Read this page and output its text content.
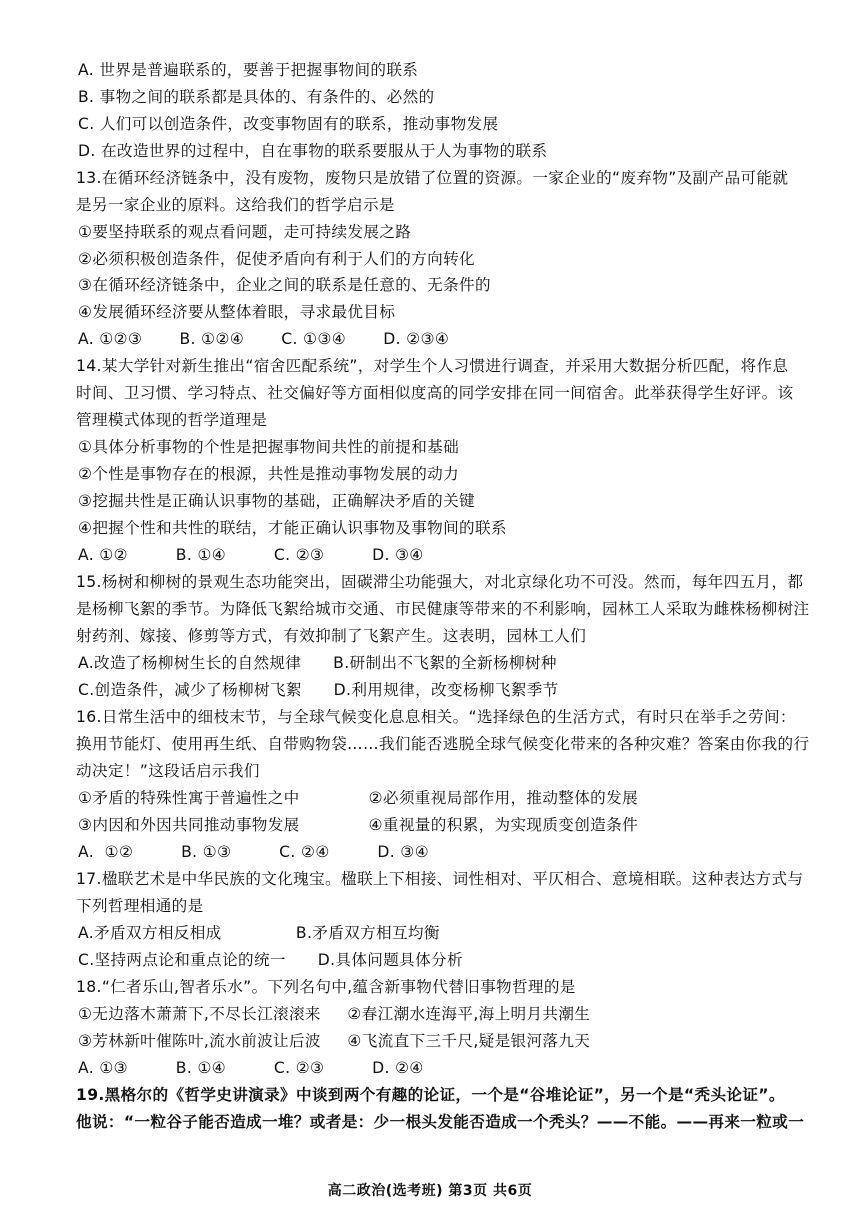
A. 世界是普遍联系的，要善于把握事物间的联系
B. 事物之间的联系都是具体的、有条件的、必然的
C. 人们可以创造条件，改变事物固有的联系，推动事物发展
D. 在改造世界的过程中，自在事物的联系要服从于人为事物的联系
13.在循环经济链条中，没有废物，废物只是放错了位置的资源。一家企业的“废弃物”及副产品可能就
是另一家企业的原料。这给我们的哲学启示是
①要坚持联系的观点看问题，走可持续发展之路
②必须积极创造条件，促使矛盾向有利于人们的方向转化
③在循环经济链条中，企业之间的联系是任意的、无条件的
④发展循环经济要从整体着眼，寻求最优目标
A. ①②③       B. ①②④       C. ①③④       D. ②③④
14.某大学针对新生推出“宿舍匹配系统”，对学生个人习惯进行调查，并采用大数据分析匹配，将作息
时间、卫习惯、学习特点、社交偏好等方面相似度高的同学安排在同一间宿舍。此举获得学生好评。该
管理模式体现的哲学道理是
①具体分析事物的个性是把握事物间共性的前提和基础
②个性是事物存在的根源，共性是推动事物发展的动力
③挖掘共性是正确认识事物的基础，正确解决矛盾的关键
④把握个性和共性的联结，才能正确认识事物及事物间的联系
A. ①②         B. ①④         C. ②③         D. ③④
15.杨树和柳树的景观生态功能突出，固碳滞尘功能强大，对北京绿化功不可没。然而，每年四五月，都
是杨柳飞絮的季节。为降低飞絮给城市交通、市民健康等带来的不利影响，园林工人采取为雌株杨柳树注
射药剂、嫁接、修剪等方式，有效抑制了飞絮产生。这表明，园林工人们
A.改造了杨柳树生长的自然规律      B.研制出不飞絮的全新杨柳树种
C.创造条件，减少了杨柳树飞絮      D.利用规律，改变杨柳飞絮季节
16.日常生活中的细枝末节，与全球气候变化息息相关。“选择绿色的生活方式，有时只在举手之劳间：
换用节能灯、使用再生纸、自带购物袋……我们能否逃脱全球气候变化带来的各种灾难？答案由你我的行
动决定！”这段话启示我们
①矛盾的特殊性寓于普遍性之中             ②必须重视局部作用，推动整体的发展
③内因和外因共同推动事物发展             ④重视量的积累，为实现质变创造条件
A.  ①②         B. ①③         C. ②④         D. ③④
17.楹联艺术是中华民族的文化瑰宝。楹联上下相接、词性相对、平仄相合、意境相联。这种表达方式与
下列哲理相通的是
A.矛盾双方相反相成              B.矛盾双方相互均衡
C.坚持两点论和重点论的统一      D.具体问题具体分析
18.“仁者乐山,智者乐水”。下列名句中,蕴含新事物代替旧事物哲理的是
①无边落木萧萧下,不尽长江滚滚来     ②春江潮水连海平,海上明月共潮生
③芳林新叶催陈叶,流水前波让后波     ④飞流直下三千尺,疑是银河落九天
A. ①③         B. ①④         C. ②③         D. ②④
19.黑格尔的《哲学史讲演录》中谈到两个有趣的论证，一个是“谷堆论证”，另一个是“秃头论证”。
他说：“一粒谷子能否造成一堆？或者是：少一根头发能否造成一个秃头？——不能。——再来一粒或一
高二政治(选考班) 第3页 共6页
